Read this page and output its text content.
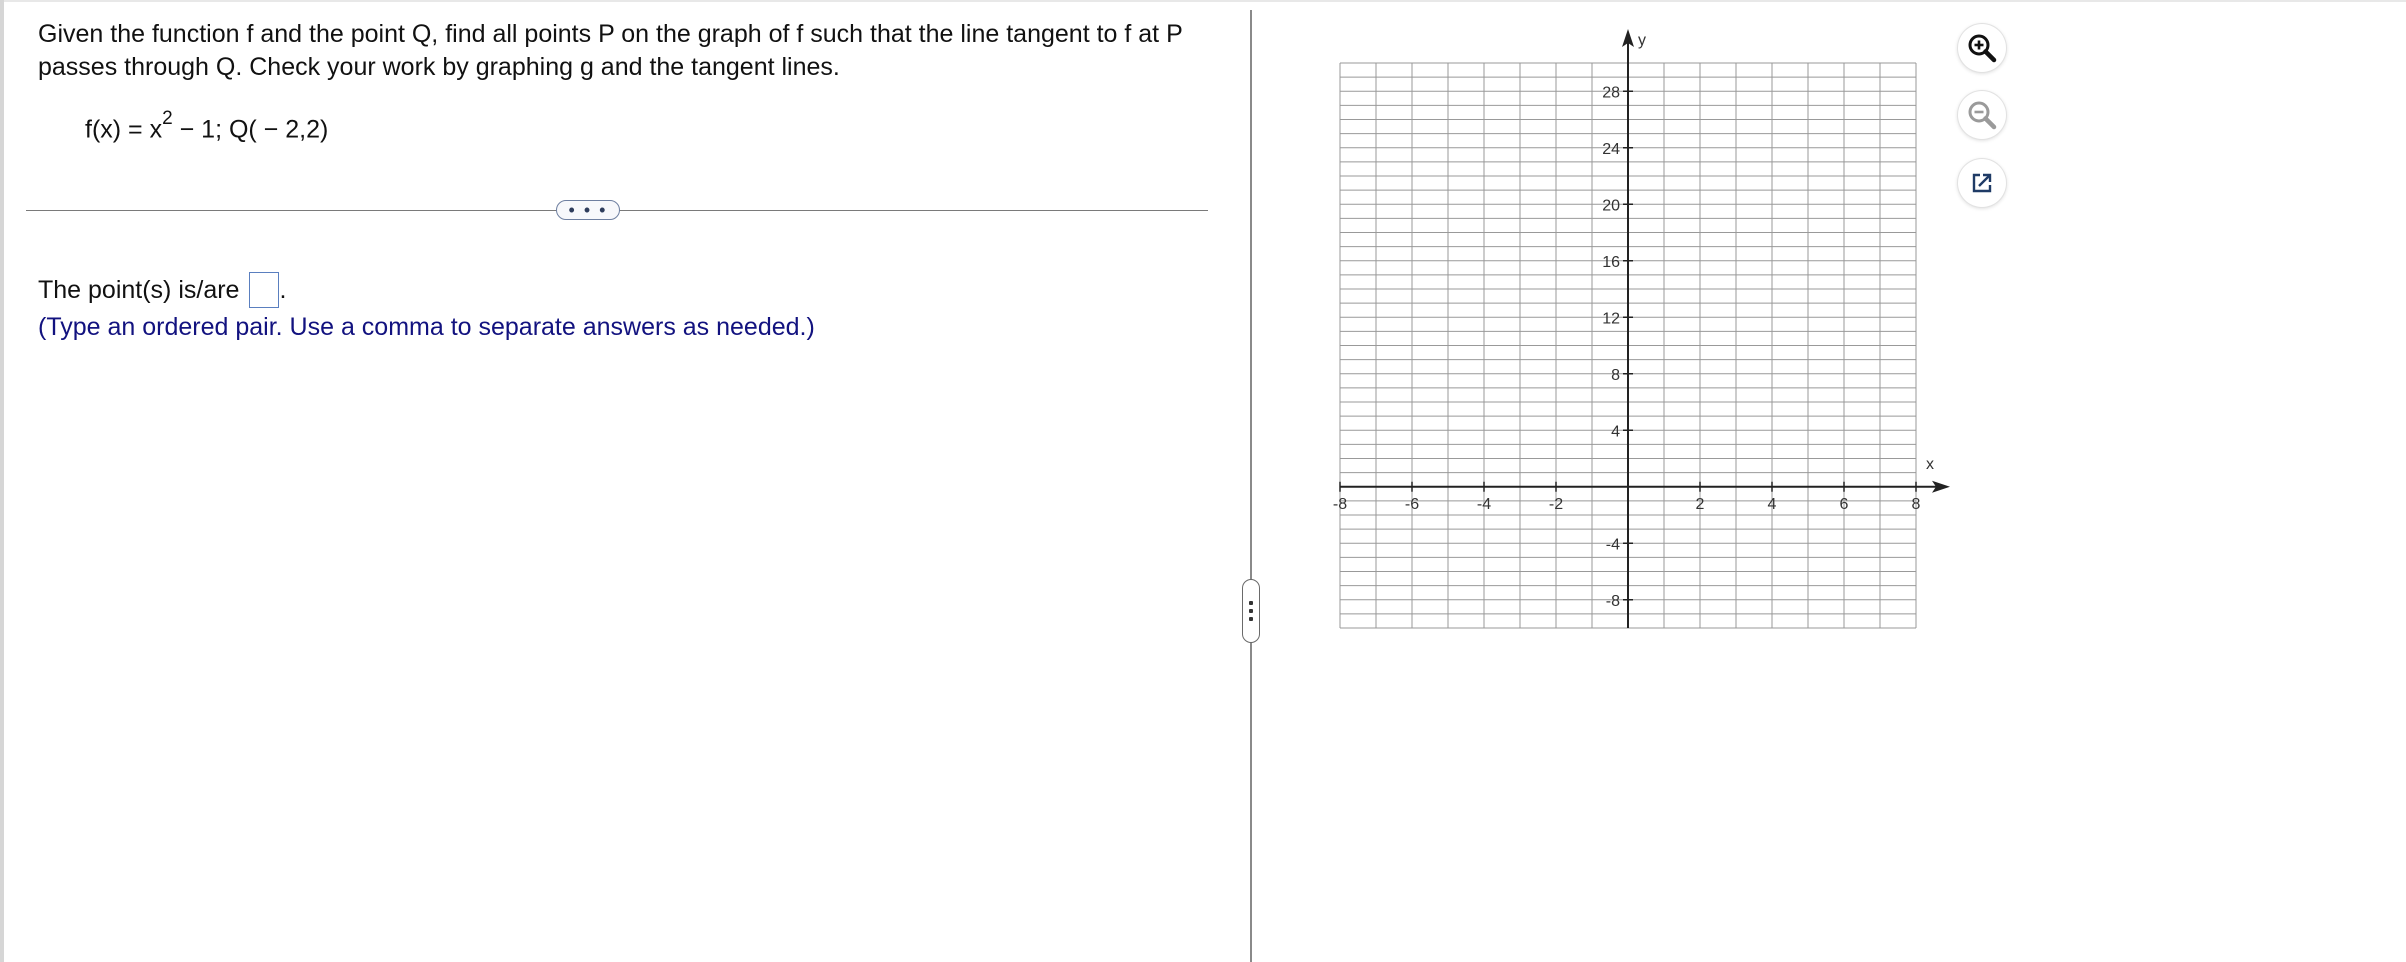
Given the function f and the point Q, find all points P on the graph of f such that the line tangent to f at P passes through Q. Check your work by graphing g and the tangent lines.
$f(x) = x^2 - 1$; Q( − 2,2)
• • •
The point(s) is/are .
(Type an ordered pair. Use a comma to separate answers as needed.)
-8	-6	-4	-2	2	4	6	8
28
24
20
16
12
8
4
-4
-8
x
y
